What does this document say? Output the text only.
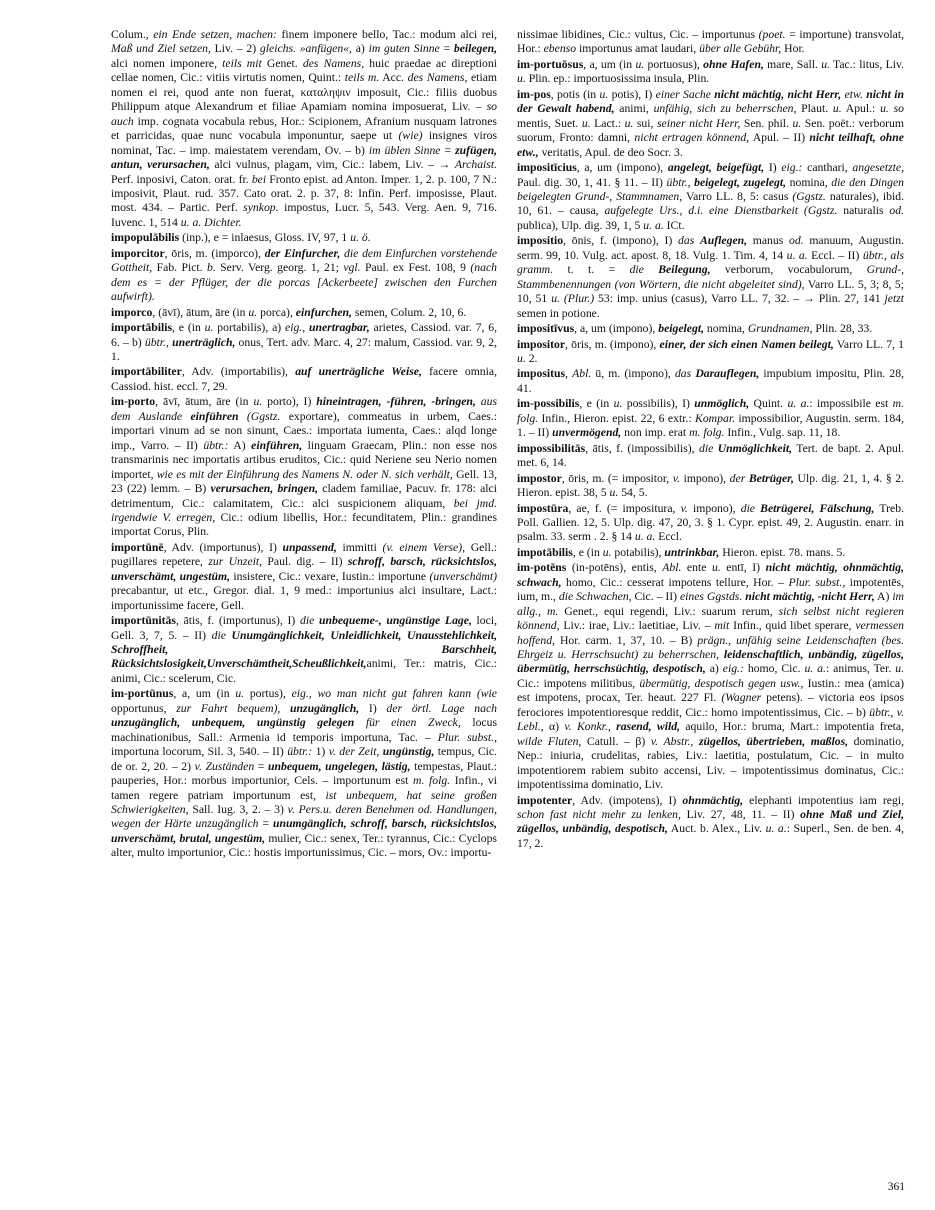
Colum., ein Ende setzen, machen: finem imponere bello, Tac.: modum alci rei, Maß und Ziel setzen, Liv. – 2) gleichs. »anfügen«, a) im guten Sinne = beilegen, alci nomen imponere, teils mit Genet. des Namens, huic praedae ac direptioni cellae nomen, Cic.: vitiis virtutis nomen, Quint.: teils m. Acc. des Namens, etiam nomen ei rei, quod ante non fuerat, καταληψιν imposuit, Cic.: filiis duobus Philippum atque Alexandrum et filiae Apamiam nomina imposuerat, Liv. – so auch imp. cognata vocabula rebus, Hor.: Scipionem, Afranium nusquam latrones et parricidas, quae nunc vocabula imponuntur, saepe ut (wie) insignes viros nominat, Tac. – imp. maiestatem verendam, Ov. – b) im üblen Sinne = zufügen, antun, verursachen, alci vulnus, plagam, vim, Cic.: labem, Liv. – → Archaist. Perf. inposivi, Caton. orat. fr. bei Fronto epist. ad Anton. Imper. 1, 2. p. 100, 7 N.: imposivit, Plaut. rud. 357. Cato orat. 2. p. 37, 8: Infin. Perf. imposisse, Plaut. most. 434. – Partic. Perf. synkop. impostus, Lucr. 5, 543. Verg. Aen. 9, 716. Iuvenc. 1, 514 u. a. Dichter.

impopulābilis (inp.), e = inlaesus, Gloss. IV, 97, 1 u. ö.

imporcitor, ōris, m. (imporco), der Einfurcher, die dem Einfurchen vorstehende Gottheit, Fab. Pict. b. Serv. Verg. georg. 1, 21; vgl. Paul. ex Fest. 108, 9 (nach dem es = der Pflüger, der die porcas [Ackerbeete] zwischen den Furchen aufwirft).

imporco, (āvī), ātum, āre (in u. porca), einfurchen, semen, Colum. 2, 10, 6.

importābilis, e (in u. portabilis), a) eig., unertragbar, arietes, Cassiod. var. 7, 6, 6. – b) übtr., unerträglich, onus, Tert. adv. Marc. 4, 27: malum, Cassiod. var. 9, 2, 1.

importābiliter, Adv. (importabilis), auf unerträgliche Weise, facere omnia, Cassiod. hist. eccl. 7, 29.

im-porto, āvī, ātum, āre (in u. porto), I) hineintragen, -führen, -bringen, aus dem Auslande einführen (Ggstz. exportare), commeatus in urbem, Caes.: importari vinum ad se non sinunt, Caes.: importata iumenta, Caes.: alqd longe imp., Varro. – II) übtr.: A) einführen, linguam Graecam, Plin.: non esse nos transmarinis nec importatis artibus eruditos, Cic.: quid Neriene seu Nerio nomen importet, wie es mit der Einführung des Namens N. oder N. sich verhält, Gell. 13, 23 (22) lemm. – B) verursachen, bringen, cladem familiae, Pacuv. fr. 178: alci detrimentum, Cic.: calamitatem, Cic.: alci suspicionem aliquam, bei jmd. irgendwie V. erregen, Cic.: odium libellis, Hor.: fecunditatem, Plin.: grandines importat Corus, Plin.

importūnē, Adv. (importunus), I) unpassend, immitti (v. einem Verse), Gell.: pugillares repetere, zur Unzeit, Paul. dig. – II) schroff, barsch, rücksichtslos, unverschämt, ungestüm, insistere, Cic.: vexare, Iustin.: importune (unverschämt) precabantur, ut etc., Gregor. dial. 1, 9 med.: importunius alci insultare, Lact.: importunissime facere, Gell.

importūnitās, ātis, f. (importunus), I) die unbequeme-, ungünstige Lage, loci, Gell. 3, 7, 5. – II) die Unumgänglichkeit, Unleidlichkeit, Unausstehlichkeit, Schroffheit, Barschheit, Rücksichtslosigkeit,Unverschämtheit,Scheußlichkeit,animi, Ter.: matris, Cic.: animi, Cic.: scelerum, Cic.

im-portūnus, a, um (in u. portus), eig., wo man nicht gut fahren kann (wie opportunus, zur Fahrt bequem), unzugänglich, I) der örtl. Lage nach unzugänglich, unbequem, ungünstig gelegen für einen Zweck, locus machinationibus, Sall.: Armenia id temporis importuna, Tac. – Plur. subst., importuna locorum, Sil. 3, 540. – II) übtr.: 1) v. der Zeit, ungünstig, tempus, Cic. de or. 2, 20. – 2) v. Zuständen = unbequem, ungelegen, lästig, tempestas, Plaut.: pauperies, Hor.: morbus importunior, Cels. – importunum est m. folg. Infin., vi tamen regere patriam importunum est, ist unbequem, hat seine großen Schwierigkeiten, Sall. Iug. 3, 2. – 3) v. Pers.u. deren Benehmen od. Handlungen, wegen der Härte unzugänglich = unumgänglich, schroff, barsch, rücksichtslos, unverschämt, brutal, ungestüm, mulier, Cic.: senex, Ter.: tyrannus, Cic.: Cyclops alter, multo importunior, Cic.: hostis importunissimus, Cic. – mors, Ov.: importu-

nissimae libidines, Cic.: vultus, Cic. – importunus (poet. = importune) transvolat, Hor.: ebenso importunus amat laudari, über alle Gebühr, Hor.

im-portuōsus, a, um (in u. portuosus), ohne Hafen, mare, Sall. u. Tac.: litus, Liv. u. Plin. ep.: importuosissima insula, Plin.

im-pos, potis (in u. potis), I) einer Sache nicht mächtig, nicht Herr, etw. nicht in der Gewalt habend, animi, unfähig, sich zu beherrschen, Plaut. u. Apul.: u. so mentis, Suet. u. Lact.: u. sui, seiner nicht Herr, Sen. phil. u. Sen. poët.: verborum suorum, Fronto: damni, nicht ertragen könnend, Apul. – II) nicht teilhaft, ohne etw., veritatis, Apul. de deo Socr. 3.

impositīcius, a, um (impono), angelegt, beigefügt, I) eig.: canthari, angesetzte, Paul. dig. 30, 1, 41. § 11. – II) übtr., beigelegt, zugelegt, nomina, die den Dingen beigelegten Grund-, Stammnamen, Varro LL. 8, 5: casus (Ggstz. naturales), ibid. 10, 61. – causa, aufgelegte Urs., d.i. eine Dienstbarkeit (Ggstz. naturalis od. publica), Ulp. dig. 39, 1, 5 u. a. ICt.

impositio, ōnis, f. (impono), I) das Auflegen, manus od. manuum, Augustin. serm. 99, 10. Vulg. act. apost. 8, 18. Vulg. 1. Tim. 4, 14 u. a. Eccl. – II) übtr., als gramm. t. t. = die Beilegung, verborum, vocabulorum, Grund-, Stammbenennungen (von Wörtern, die nicht abgeleitet sind), Varro LL. 5, 3; 8, 5; 10, 51 u. (Plur.) 53: imp. unius (casus), Varro LL. 7, 32. – → Plin. 27, 141 jetzt semen in potione.

impositīvus, a, um (impono), beigelegt, nomina, Grundnamen, Plin. 28, 33.

impositor, ōris, m. (impono), einer, der sich einen Namen beilegt, Varro LL. 7, 1 u. 2.

impositus, Abl. ū, m. (impono), das Darauflegen, impubium impositu, Plin. 28, 41.

im-possibilis, e (in u. possibilis), I) unmöglich, Quint. u. a.: impossibile est m. folg. Infin., Hieron. epist. 22, 6 extr.: Kompar. impossibilior, Augustin. serm. 184, 1. – II) unvermögend, non imp. erat m. folg. Infin., Vulg. sap. 11, 18.

impossibilitās, ātis, f. (impossibilis), die Unmöglichkeit, Tert. de bapt. 2. Apul. met. 6, 14.

impostor, ōris, m. (= impositor, v. impono), der Betrüger, Ulp. dig. 21, 1, 4. § 2. Hieron. epist. 38, 5 u. 54, 5.

impostūra, ae, f. (= impositura, v. impono), die Betrügerei, Fälschung, Treb. Poll. Gallien. 12, 5. Ulp. dig. 47, 20, 3. § 1. Cypr. epist. 49, 2. Augustin. enarr. in psalm. 33. serm . 2. § 14 u. a. Eccl.

impotābilis, e (in u. potabilis), untrinkbar, Hieron. epist. 78. mans. 5.

im-potēns (in-potēns), entis, Abl. ente u. entī, I) nicht mächtig, ohnmächtig, schwach, homo, Cic.: cesserat impotens tellure, Hor. – Plur. subst., impotentēs, ium, m., die Schwachen, Cic. – II) eines Ggstds. nicht mächtig, -nicht Herr, A) im allg., m. Genet., equi regendi, Liv.: suarum rerum, sich selbst nicht regieren könnend, Liv.: irae, Liv.: laetitiae, Liv. – mit Infin., quid libet sperare, vermessen hoffend, Hor. carm. 1, 37, 10. – B) prägn., unfähig seine Leidenschaften (bes. Ehrgeiz u. Herrschsucht) zu beherrschen, leidenschaftlich, unbändig, zügellos, übermütig, herrschsüchtig, despotisch, a) eig.: homo, Cic. u. a.: animus, Ter. u. Cic.: impotens militibus, übermütig, despotisch gegen usw., Iustin.: mea (amica) est impotens, procax, Ter. heaut. 227 Fl. (Wagner petens). – victoria eos ipsos ferociores impotentioresque reddit, Cic.: homo impotentissimus, Cic. – b) übtr., v. Lebl., α) v. Konkr., rasend, wild, aquilo, Hor.: bruma, Mart.: impotentia freta, wilde Fluten, Catull. – β) v. Abstr., zügellos, übertrieben, maßlos, dominatio, Nep.: iniuria, crudelitas, rabies, Liv.: laetitia, postulatum, Cic. – in multo impotentiorem rabiem subito accensi, Liv. – impotentissimus dominatus, Cic.: impotentissima dominatio, Liv.

impotenter, Adv. (impotens), I) ohnmächtig, elephanti impotentius iam regi, schon fast nicht mehr zu lenken, Liv. 27, 48, 11. – II) ohne Maß und Ziel, zügellos, unbändig, despotisch, Auct. b. Alex., Liv. u. a.: Superl., Sen. de ben. 4, 17, 2.

361
